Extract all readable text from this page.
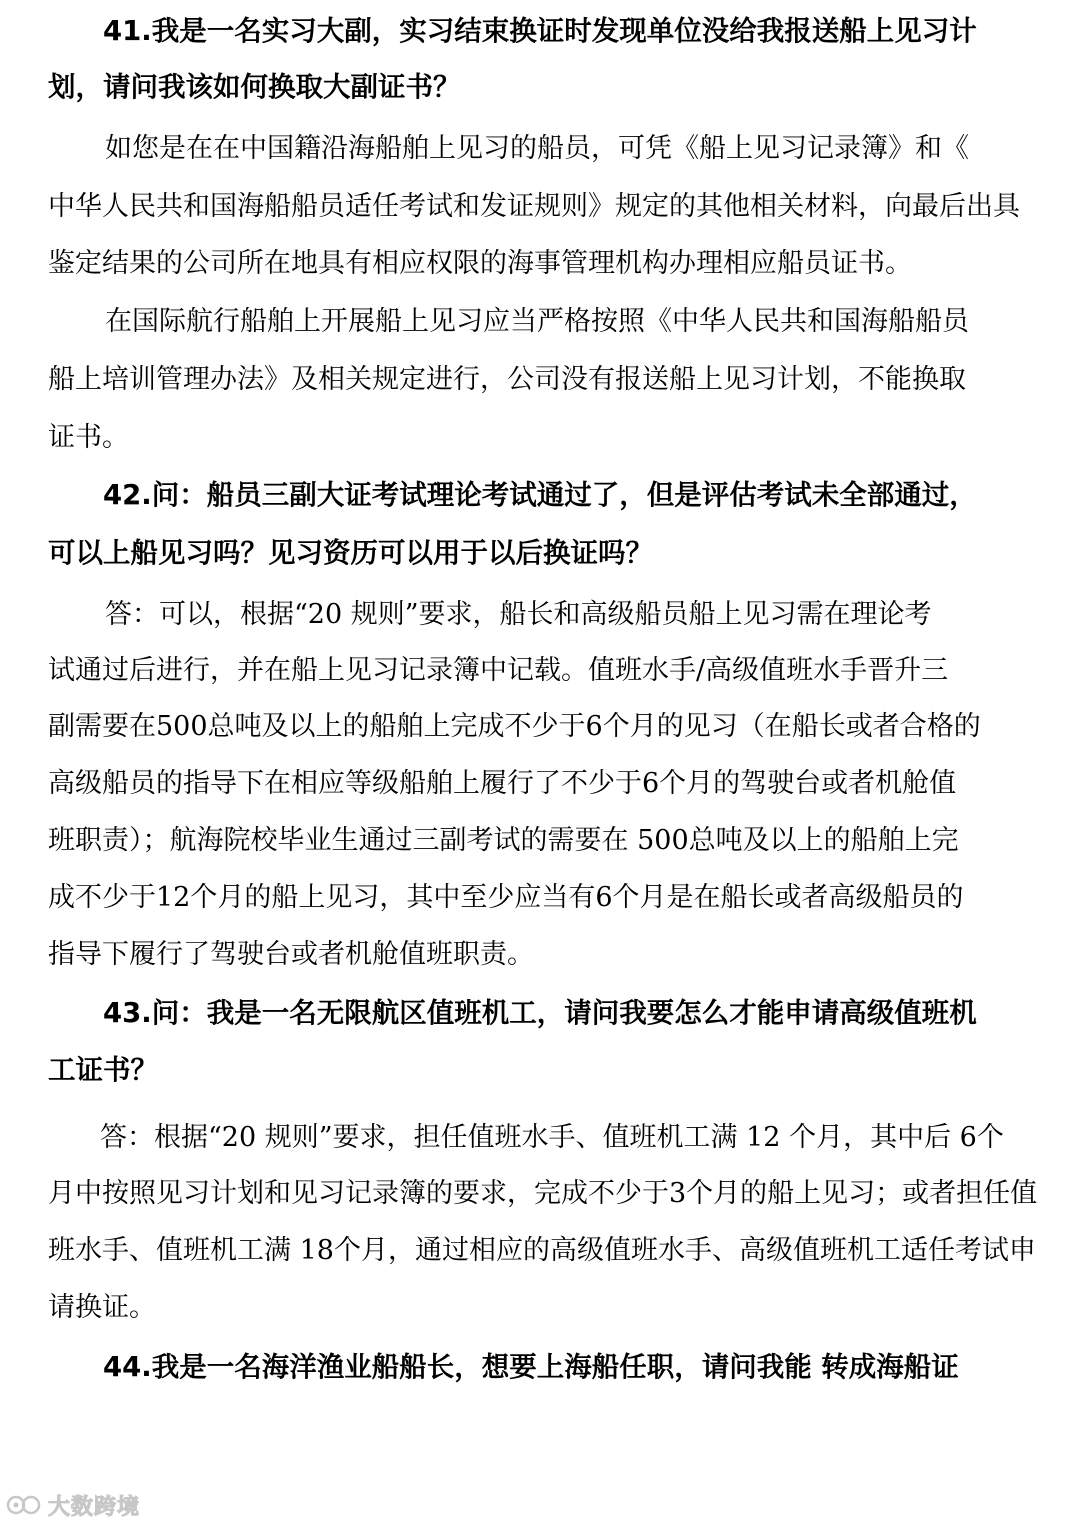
41.我是一名实习大副，实习结束换证时发现单位没给我报送船上见习计
划，请问我该如何换取大副证书？
如您是在在中国籍沿海船舶上见习的船员，可凭《船上见习记录簿》和《
中华人民共和国海船船员适任考试和发证规则》规定的其他相关材料，向最后出具
鉴定结果的公司所在地具有相应权限的海事管理机构办理相应船员证书。
在国际航行船舶上开展船上见习应当严格按照《中华人民共和国海船船员
船上培训管理办法》及相关规定进行，公司没有报送船上见习计划，不能换取
证书。
42.问：船员三副大证考试理论考试通过了，但是评估考试未全部通过，
可以上船见习吗？见习资历可以用于以后换证吗？
答：可以，根据“20 规则”要求，船长和高级船员船上见习需在理论考
试通过后进行，并在船上见习记录簿中记载。值班水手/高级值班水手晋升三
副需要在500总吨及以上的船舶上完成不少于6个月的见习（在船长或者合格的
高级船员的指导下在相应等级船舶上履行了不少于6个月的驾驶台或者机舱值
班职责）；航海院校毕业生通过三副考试的需要在 500总吨及以上的船舶上完
成不少于12个月的船上见习，其中至少应当有6个月是在船长或者高级船员的
指导下履行了驾驶台或者机舱值班职责。
43.问：我是一名无限航区值班机工，请问我要怎么才能申请高级值班机
工证书？
答：根据“20 规则”要求，担任值班水手、值班机工满 12 个月，其中后 6个
月中按照见习计划和见习记录簿的要求，完成不少于3个月的船上见习；或者担任值
班水手、值班机工满 18个月，通过相应的高级值班水手、高级值班机工适任考试申
请换证。
44.我是一名海洋渔业船船长，想要上海船任职，请问我能 转成海船证
大数跨境
